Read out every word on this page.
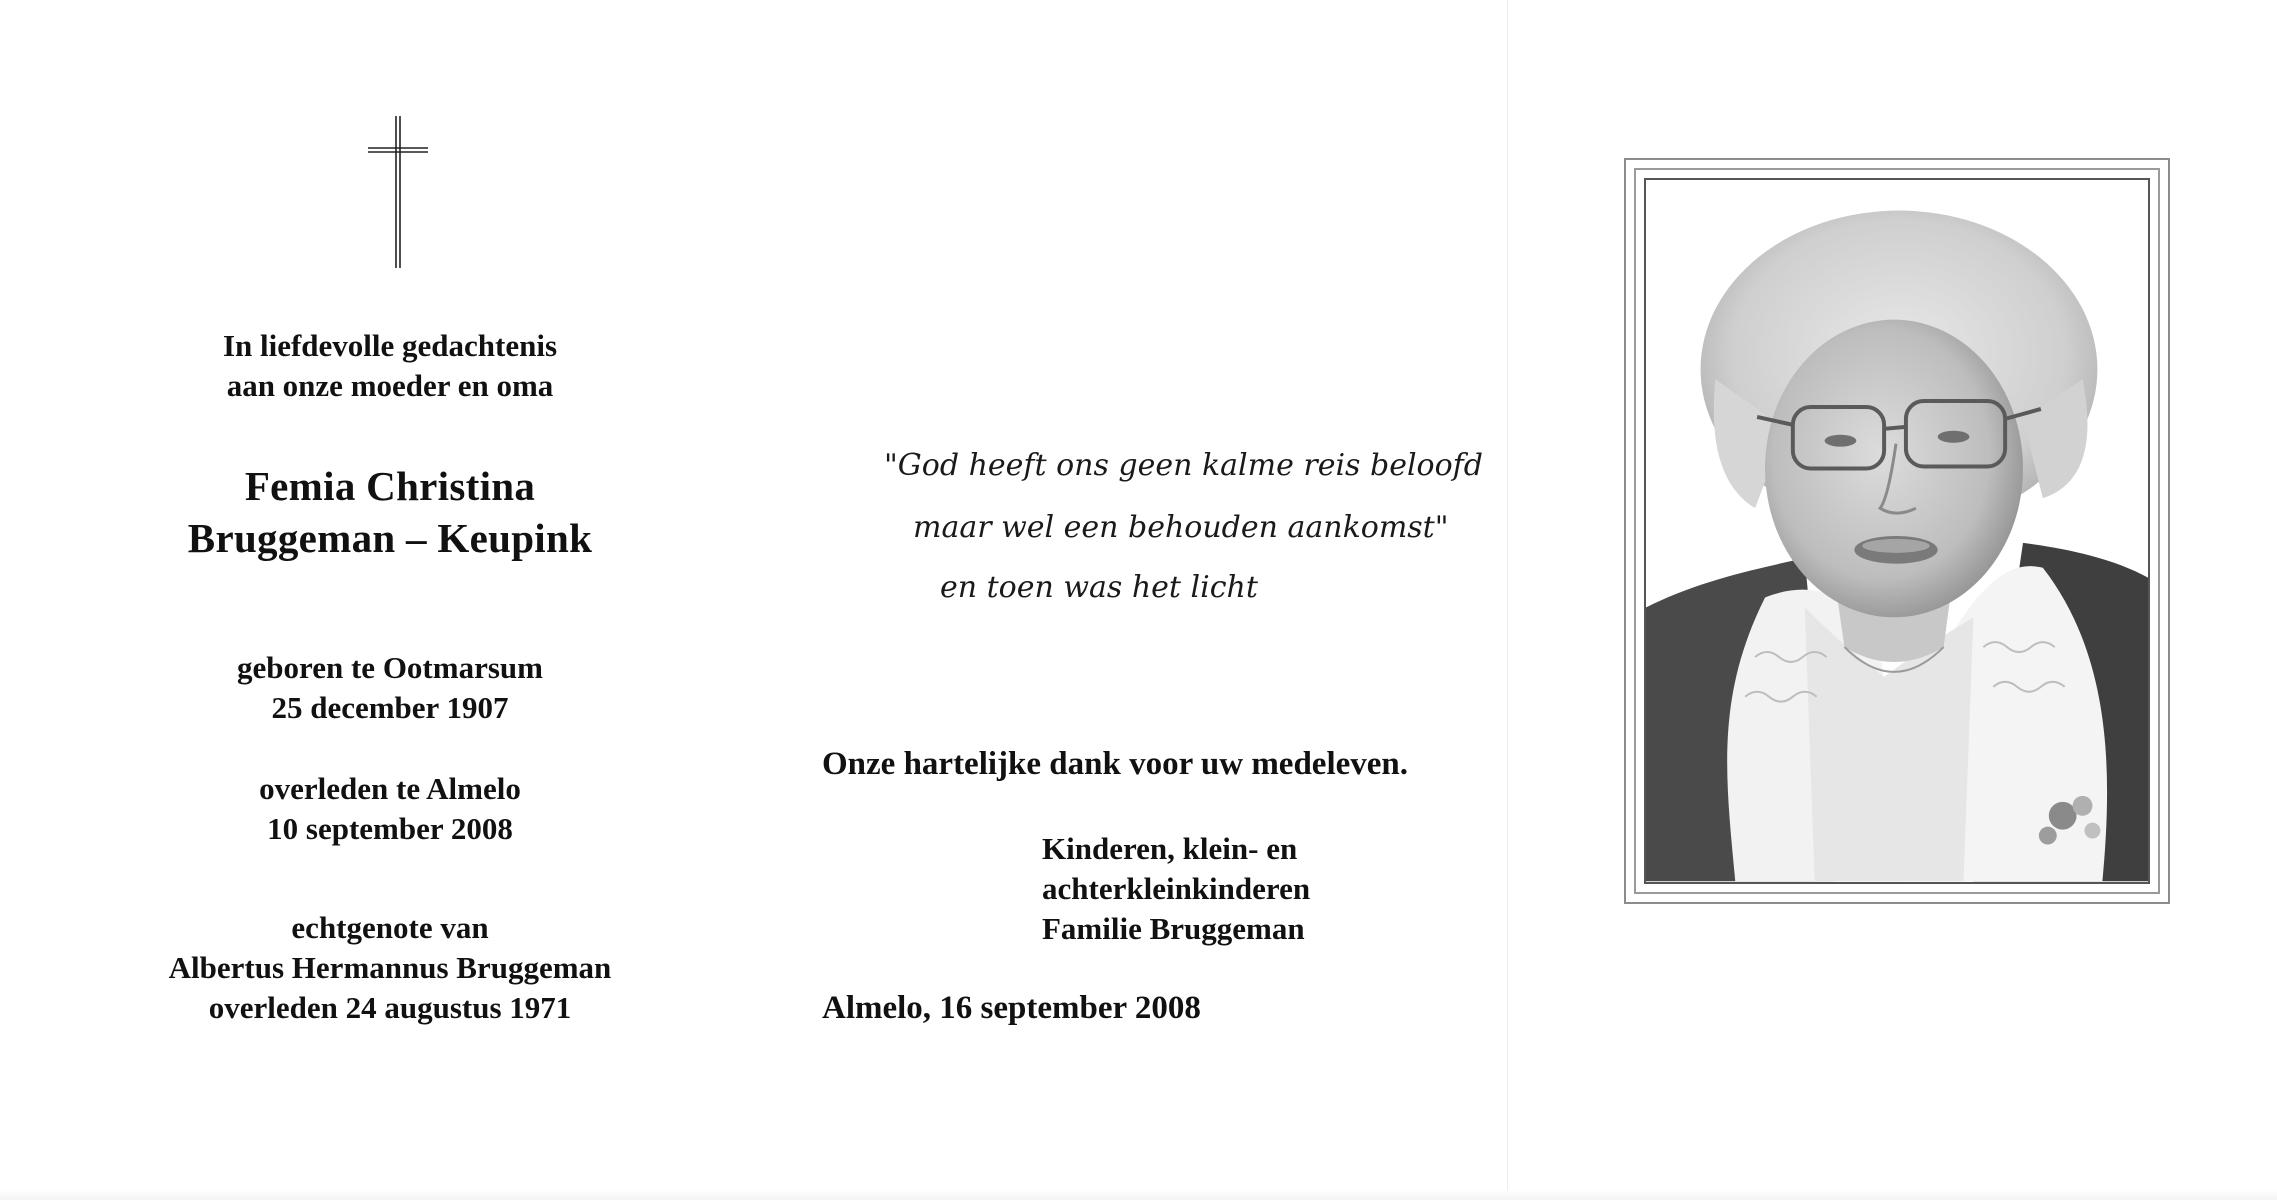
In liefdevolle gedachtenis
aan onze moeder en oma
Femia Christina
Bruggeman – Keupink
geboren te Ootmarsum
25 december 1907
overleden te Almelo
10 september 2008
echtgenote van
Albertus Hermannus Bruggeman
overleden 24 augustus 1971
"God heeft ons geen kalme reis beloofd
maar wel een behouden aankomst"
en toen was het licht
Onze hartelijke dank voor uw medeleven.
Kinderen, klein- en
achterkleinkinderen
Familie Bruggeman
Almelo, 16 september 2008
